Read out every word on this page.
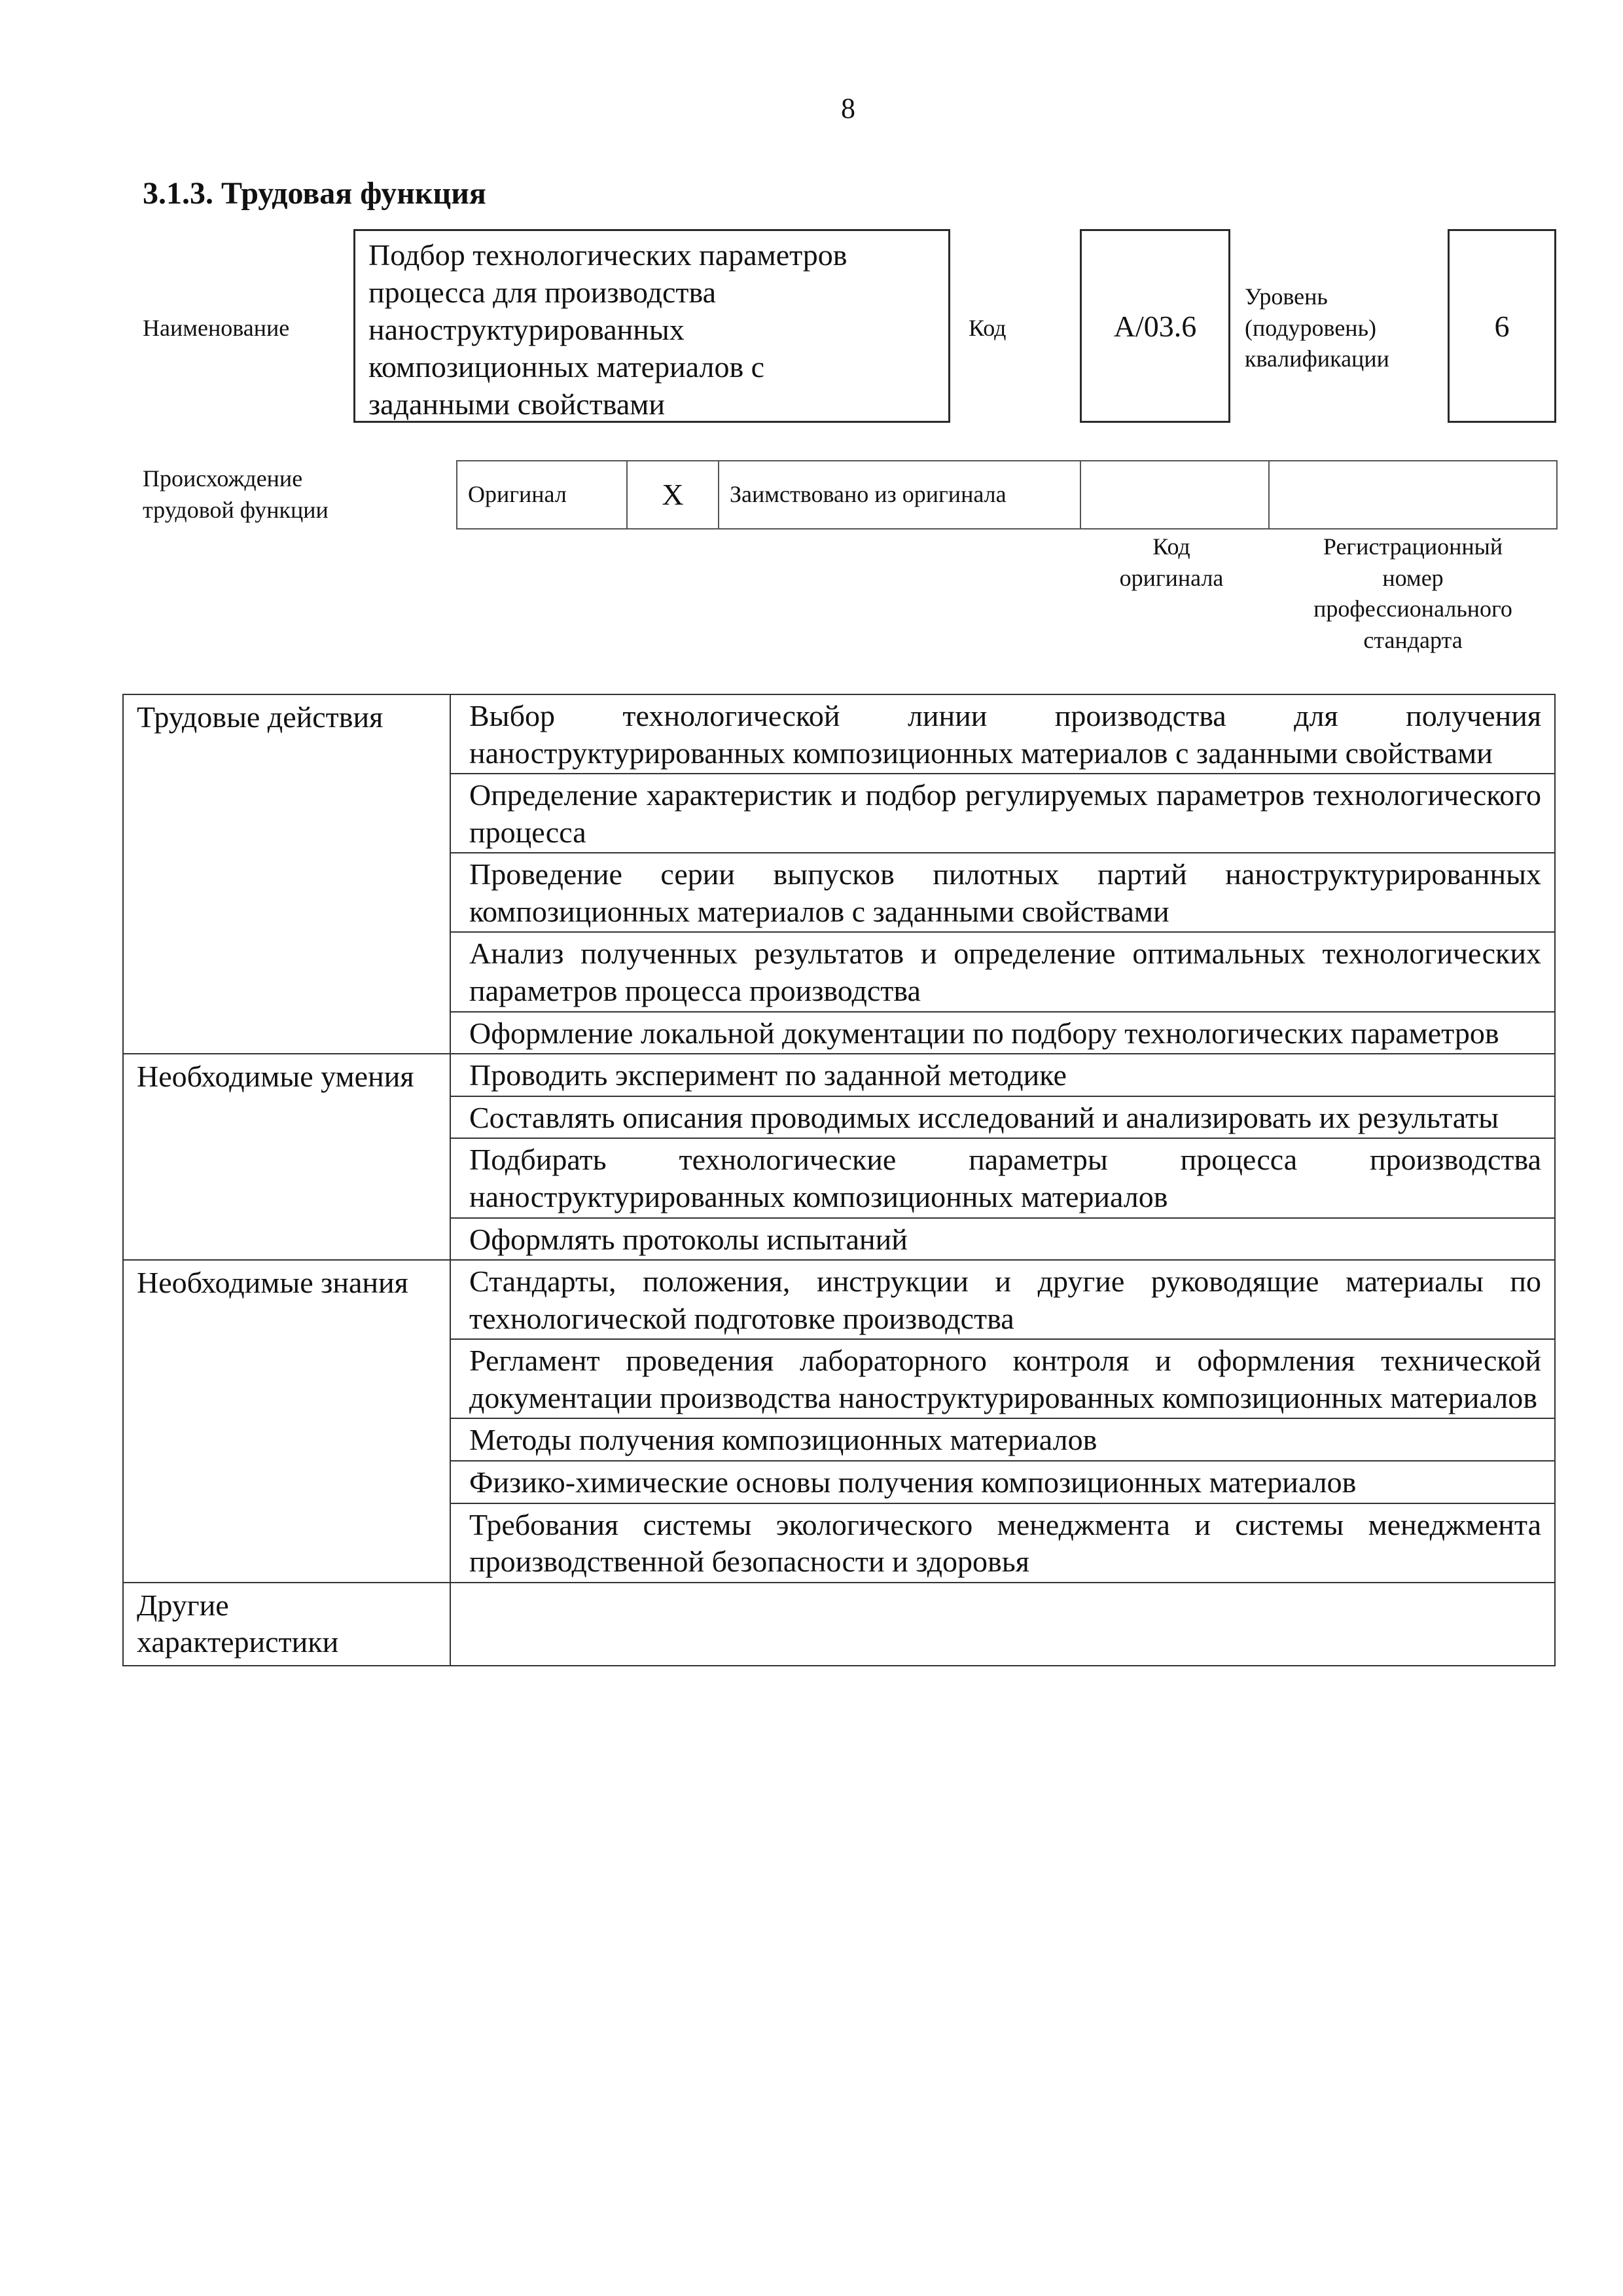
8
3.1.3. Трудовая функция
Наименование
Подбор технологических параметров
процесса для производства
наноструктурированных
композиционных материалов с
заданными свойствами
Код	А/03.6
Уровень
(подуровень)
квалификации
6
Происхождение
трудовой функции
Оригинал	Х	Заимствовано из оригинала		
Код
оригинала
Регистрационный
номер
профессионального
стандарта
Трудовые действия	Выбор технологической линии производства для получения наноструктурированных композиционных материалов с заданными свойствами
	Определение характеристик и подбор регулируемых параметров технологического процесса
	Проведение серии выпусков пилотных партий наноструктурированных композиционных материалов с заданными свойствами
	Анализ полученных результатов и определение оптимальных технологических параметров процесса производства
	Оформление локальной документации по подбору технологических параметров
Необходимые умения	Проводить эксперимент по заданной методике
	Составлять описания проводимых исследований и анализировать их результаты
	Подбирать технологические параметры процесса производства наноструктурированных композиционных материалов
	Оформлять протоколы испытаний
Необходимые знания	Стандарты, положения, инструкции и другие руководящие материалы по технологической подготовке производства
	Регламент проведения лабораторного контроля и оформления технической документации производства наноструктурированных композиционных материалов
	Методы получения композиционных материалов
	Физико-химические основы получения композиционных материалов
	Требования системы экологического менеджмента и системы менеджмента производственной безопасности и здоровья
Другие характеристики	
